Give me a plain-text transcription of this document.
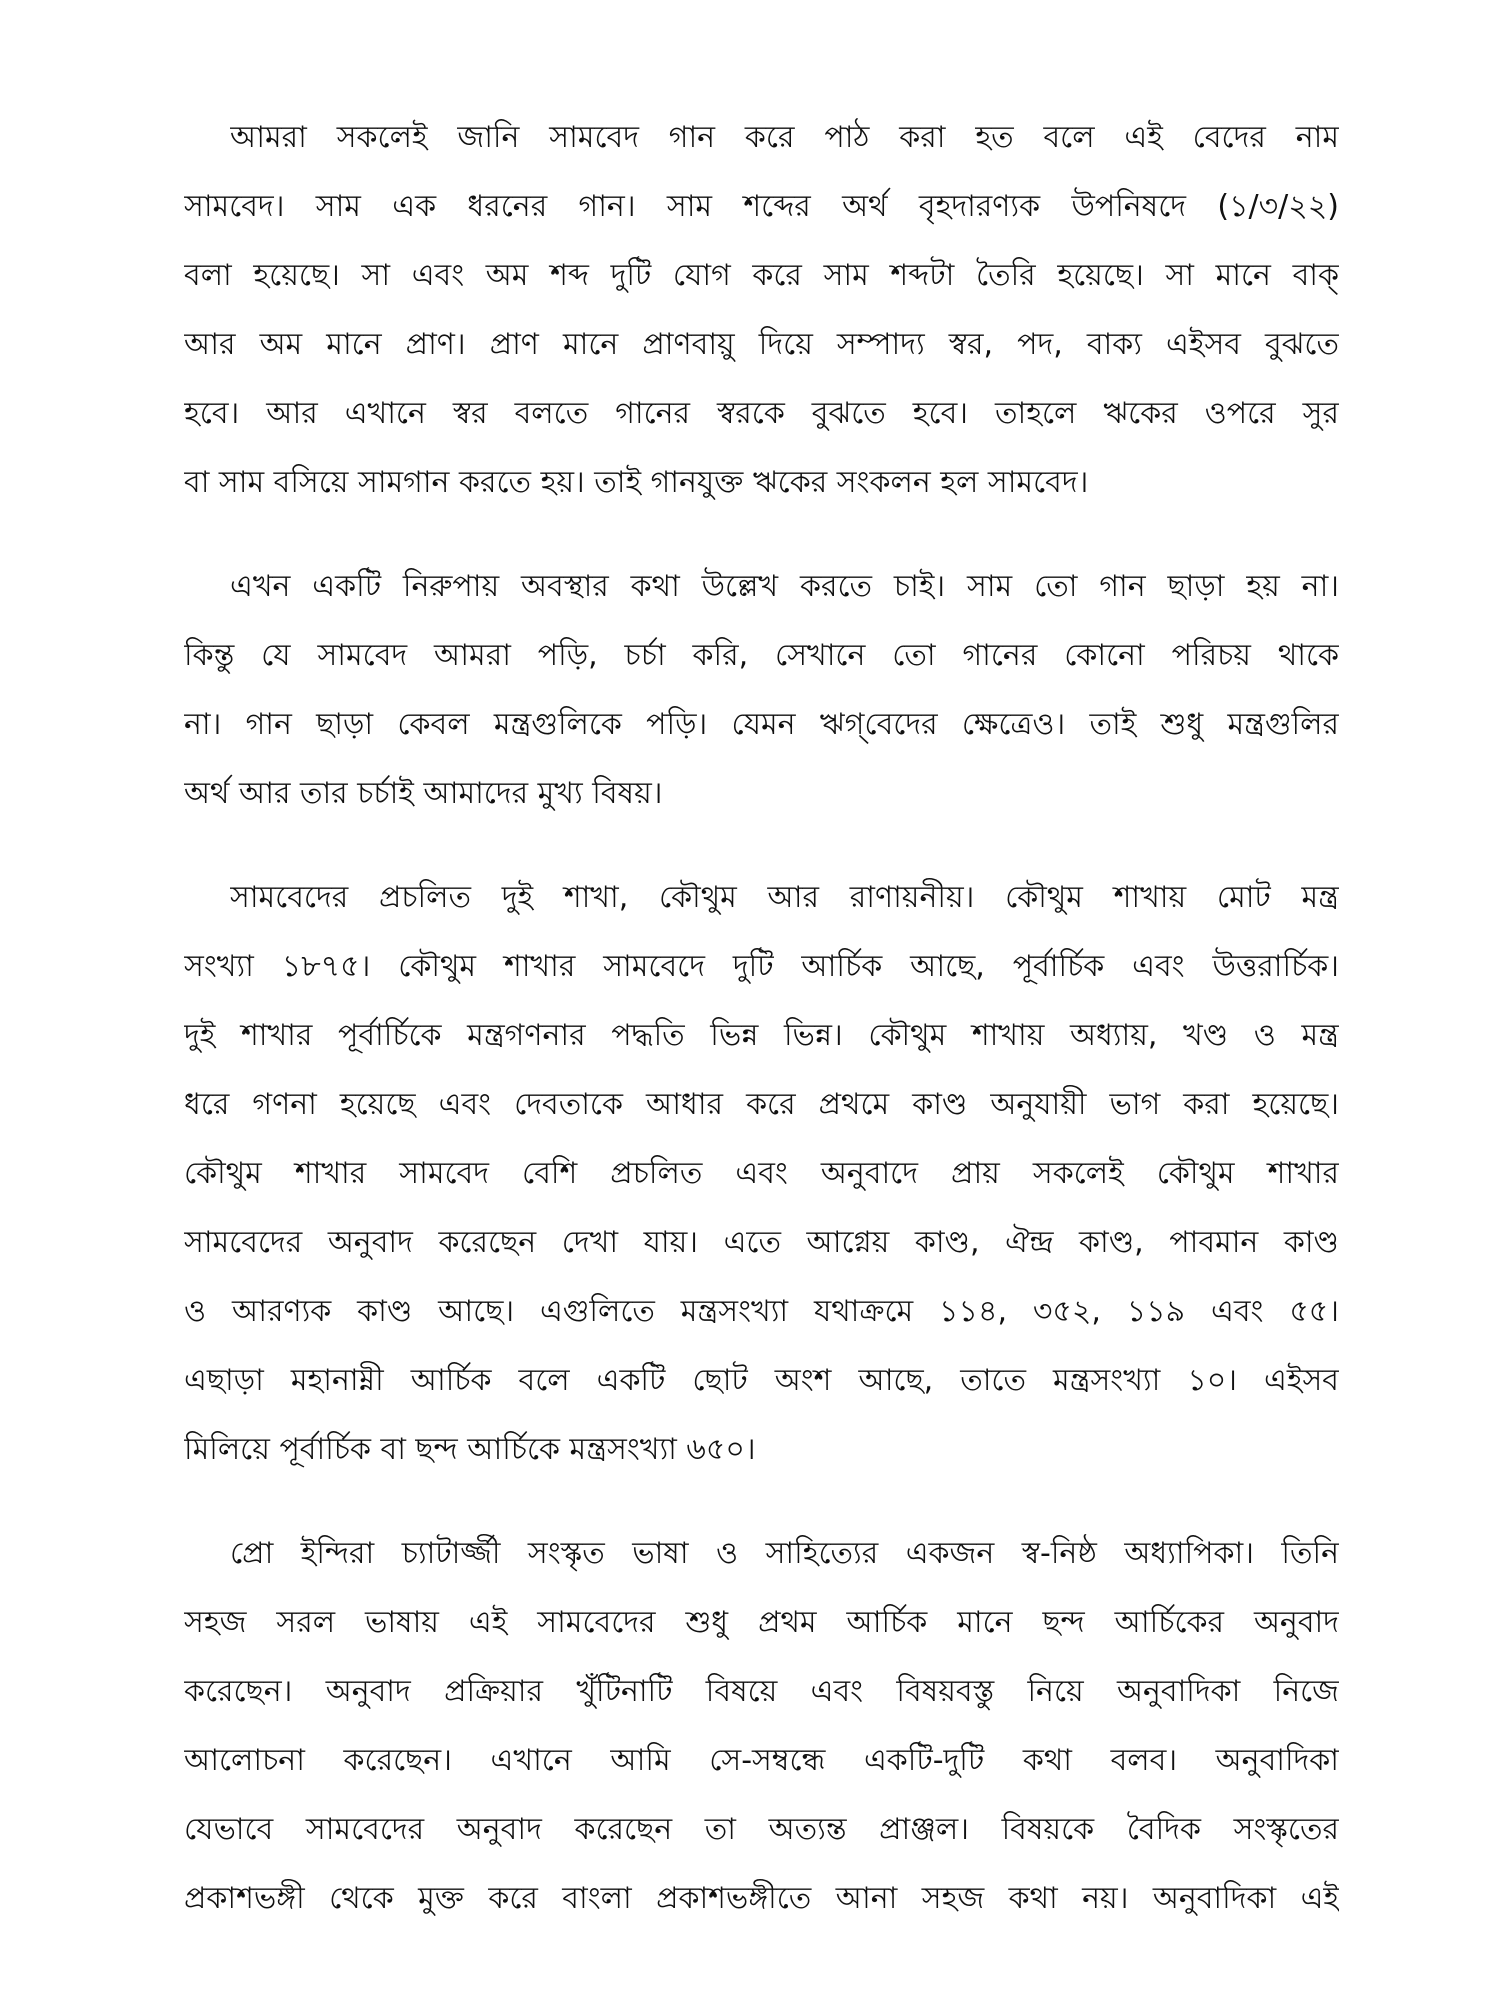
আমরা সকলেই জানি সামবেদ গান করে পাঠ করা হত বলে এই বেদের নাম
সামবেদ। সাম এক ধরনের গান। সাম শব্দের অর্থ বৃহদারণ্যক উপনিষদে (১/৩/২২)
বলা হয়েছে। সা এবং অম শব্দ দুটি যোগ করে সাম শব্দটা তৈরি হয়েছে। সা মানে বাক্
আর অম মানে প্রাণ। প্রাণ মানে প্রাণবায়ু দিয়ে সম্পাদ্য স্বর, পদ, বাক্য এইসব বুঝতে
হবে। আর এখানে স্বর বলতে গানের স্বরকে বুঝতে হবে। তাহলে ঋকের ওপরে সুর
বা সাম বসিয়ে সামগান করতে হয়। তাই গানযুক্ত ঋকের সংকলন হল সামবেদ।
এখন একটি নিরুপায় অবস্থার কথা উল্লেখ করতে চাই। সাম তো গান ছাড়া হয় না।
কিন্তু যে সামবেদ আমরা পড়ি, চর্চা করি, সেখানে তো গানের কোনো পরিচয় থাকে
না। গান ছাড়া কেবল মন্ত্রগুলিকে পড়ি। যেমন ঋগ্‌বেদের ক্ষেত্রেও। তাই শুধু মন্ত্রগুলির
অর্থ আর তার চর্চাই আমাদের মুখ্য বিষয়।
সামবেদের প্রচলিত দুই শাখা, কৌথুম আর রাণায়নীয়। কৌথুম শাখায় মোট মন্ত্র
সংখ্যা ১৮৭৫। কৌথুম শাখার সামবেদে দুটি আর্চিক আছে, পূর্বার্চিক এবং উত্তরার্চিক।
দুই শাখার পূর্বার্চিকে মন্ত্রগণনার পদ্ধতি ভিন্ন ভিন্ন। কৌথুম শাখায় অধ্যায়, খণ্ড ও মন্ত্র
ধরে গণনা হয়েছে এবং দেবতাকে আধার করে প্রথমে কাণ্ড অনুযায়ী ভাগ করা হয়েছে।
কৌথুম শাখার সামবেদ বেশি প্রচলিত এবং অনুবাদে প্রায় সকলেই কৌথুম শাখার
সামবেদের অনুবাদ করেছেন দেখা যায়। এতে আগ্নেয় কাণ্ড, ঐন্দ্র কাণ্ড, পাবমান কাণ্ড
ও আরণ্যক কাণ্ড আছে। এগুলিতে মন্ত্রসংখ্যা যথাক্রমে ১১৪, ৩৫২, ১১৯ এবং ৫৫।
এছাড়া মহানাম্নী আর্চিক বলে একটি ছোট অংশ আছে, তাতে মন্ত্রসংখ্যা ১০। এইসব
মিলিয়ে পূর্বার্চিক বা ছন্দ আর্চিকে মন্ত্রসংখ্যা ৬৫০।
প্রো ইন্দিরা চ্যাটার্জ্জী সংস্কৃত ভাষা ও সাহিত্যের একজন স্ব-নিষ্ঠ অধ্যাপিকা। তিনি
সহজ সরল ভাষায় এই সামবেদের শুধু প্রথম আর্চিক মানে ছন্দ আর্চিকের অনুবাদ
করেছেন। অনুবাদ প্রক্রিয়ার খুঁটিনাটি বিষয়ে এবং বিষয়বস্তু নিয়ে অনুবাদিকা নিজে
আলোচনা করেছেন। এখানে আমি সে-সম্বন্ধে একটি-দুটি কথা বলব। অনুবাদিকা
যেভাবে সামবেদের অনুবাদ করেছেন তা অত্যন্ত প্রাঞ্জল। বিষয়কে বৈদিক সংস্কৃতের
প্রকাশভঙ্গী থেকে মুক্ত করে বাংলা প্রকাশভঙ্গীতে আনা সহজ কথা নয়। অনুবাদিকা এই
